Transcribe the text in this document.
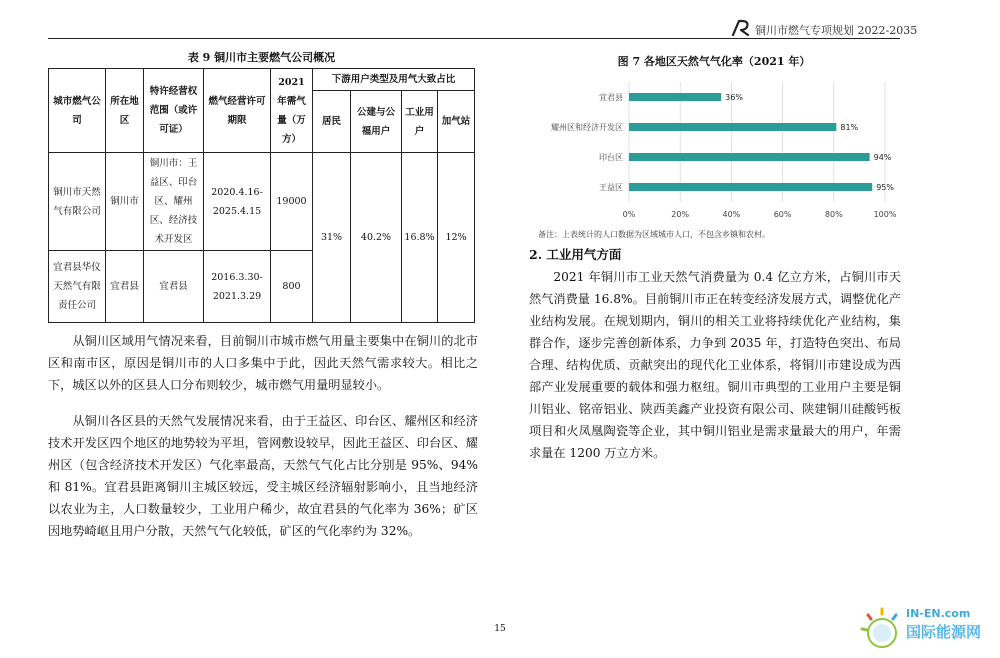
铜川市燃气专项规划 2022-2035
表 9 铜川市主要燃气公司概况
城市燃气公司	所在地区	特许经营权范围（或许可证）	燃气经营许可期限	2021 年需气量（万方）	下游用户类型及用气大致占比			
					居民	公建与公福用户	工业用户	加气站
铜川市天然气有限公司	铜川市	铜川市：王益区、印台区、耀州区、经济技术开发区	2020.4.16-2025.4.15	19000	31%	40.2%	16.8%	12%
宜君县华仪天然气有限责任公司	宜君县	宜君县	2016.3.30-2021.3.29	800				

从铜川区域用气情况来看，目前铜川市城市燃气用量主要集中在铜川的北市区和南市区，原因是铜川市的人口多集中于此，因此天然气需求较大。相比之下，城区以外的区县人口分布则较少，城市燃气用量明显较小。

从铜川各区县的天然气发展情况来看，由于王益区、印台区、耀州区和经济技术开发区四个地区的地势较为平坦，管网敷设较早，因此王益区、印台区、耀州区（包含经济技术开发区）气化率最高，天然气气化占比分别是 95%、94%和 81%。宜君县距离铜川主城区较远，受主城区经济辐射影响小，且当地经济以农业为主，人口数量较少，工业用户稀少，故宜君县的气化率为 36%；矿区因地势崎岖且用户分散，天然气气化较低，矿区的气化率约为 32%。

图 7 各地区天然气气化率（2021 年）
0%	20%	40%	60%	80%	100%
宜君县	36%
耀州区和经济开发区	81%
印台区	94%
王益区	95%
备注：上表统计的人口数据为区域城市人口，不包含乡镇和农村。
2. 工业用气方面

2021 年铜川市工业天然气消费量为 0.4 亿立方米，占铜川市天然气消费量 16.8%。目前铜川市正在转变经济发展方式，调整优化产业结构发展。在规划期内，铜川的相关工业将持续优化产业结构，集群合作，逐步完善创新体系，力争到 2035 年，打造特色突出、布局合理、结构优质、贡献突出的现代化工业体系，将铜川市建设成为西部产业发展重要的载体和强力枢纽。铜川市典型的工业用户主要是铜川铝业、铭帝铝业、陕西美鑫产业投资有限公司、陕建铜川硅酸钙板项目和火凤凰陶瓷等企业，其中铜川铝业是需求量最大的用户，年需求量在 1200 万立方米。

15
IN-EN.com
国际能源网
